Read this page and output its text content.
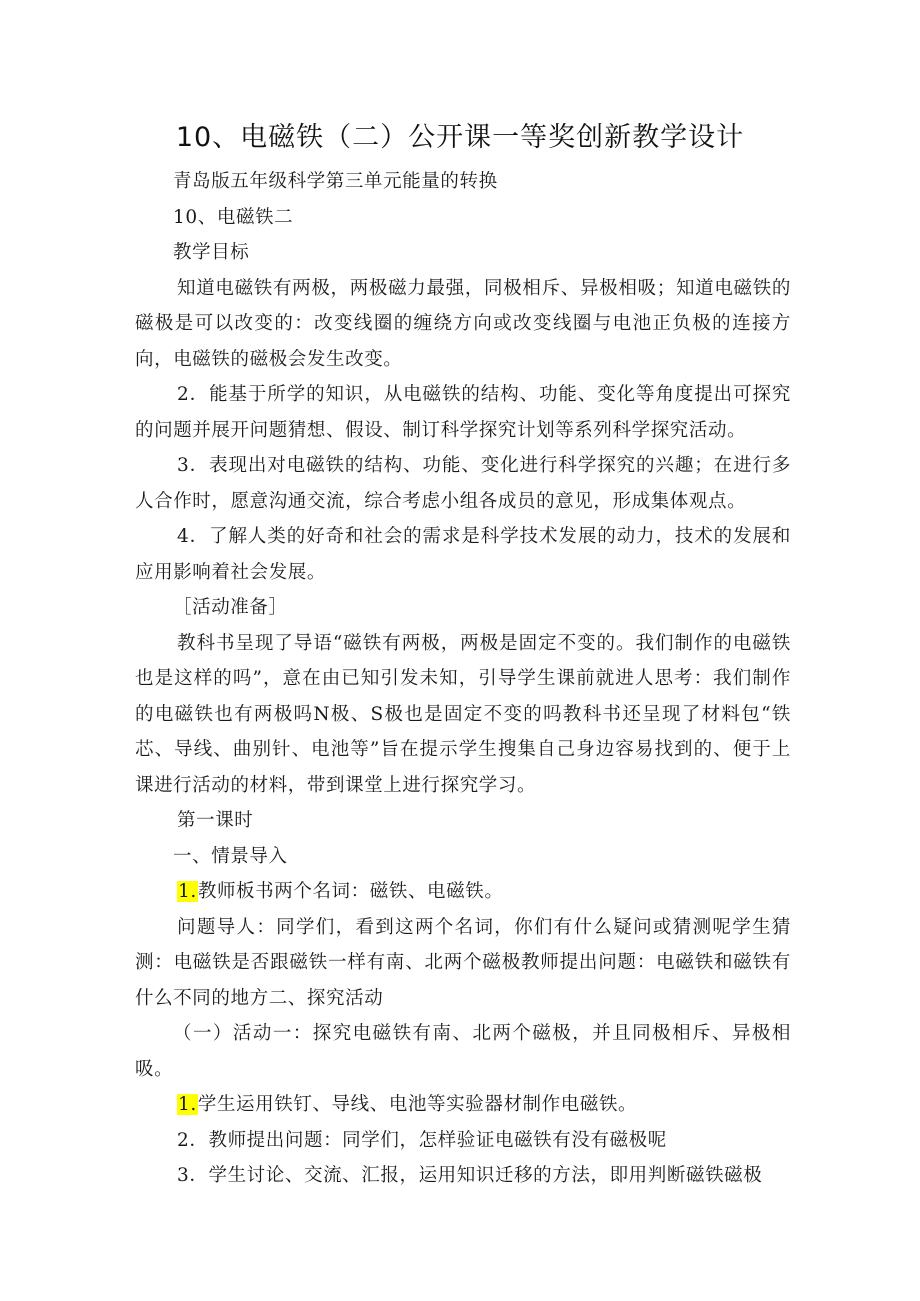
10、电磁铁（二）公开课一等奖创新教学设计

青岛版五年级科学第三单元能量的转换

10、电磁铁二

教学目标

知道电磁铁有两极，两极磁力最强，同极相斥、异极相吸；知道电磁铁的磁极是可以改变的：改变线圈的缠绕方向或改变线圈与电池正负极的连接方向，电磁铁的磁极会发生改变。

2．能基于所学的知识，从电磁铁的结构、功能、变化等角度提出可探究的问题并展开问题猜想、假设、制订科学探究计划等系列科学探究活动。

3．表现出对电磁铁的结构、功能、变化进行科学探究的兴趣；在进行多人合作时，愿意沟通交流，综合考虑小组各成员的意见，形成集体观点。

4．了解人类的好奇和社会的需求是科学技术发展的动力，技术的发展和应用影响着社会发展。

［活动准备］

教科书呈现了导语“磁铁有两极，两极是固定不变的。我们制作的电磁铁也是这样的吗”，意在由已知引发未知，引导学生课前就进人思考：我们制作的电磁铁也有两极吗N极、S极也是固定不变的吗教科书还呈现了材料包“铁芯、导线、曲别针、电池等”旨在提示学生搜集自己身边容易找到的、便于上课进行活动的材料，带到课堂上进行探究学习。

第一课时

一、情景导入

1.教师板书两个名词：磁铁、电磁铁。

问题导人：同学们，看到这两个名词，你们有什么疑问或猜测呢学生猜测：电磁铁是否跟磁铁一样有南、北两个磁极教师提出问题：电磁铁和磁铁有什么不同的地方二、探究活动

（一）活动一：探究电磁铁有南、北两个磁极，并且同极相斥、异极相吸。

1.学生运用铁钉、导线、电池等实验器材制作电磁铁。

2．教师提出问题：同学们，怎样验证电磁铁有没有磁极呢

3．学生讨论、交流、汇报，运用知识迁移的方法，即用判断磁铁磁极
